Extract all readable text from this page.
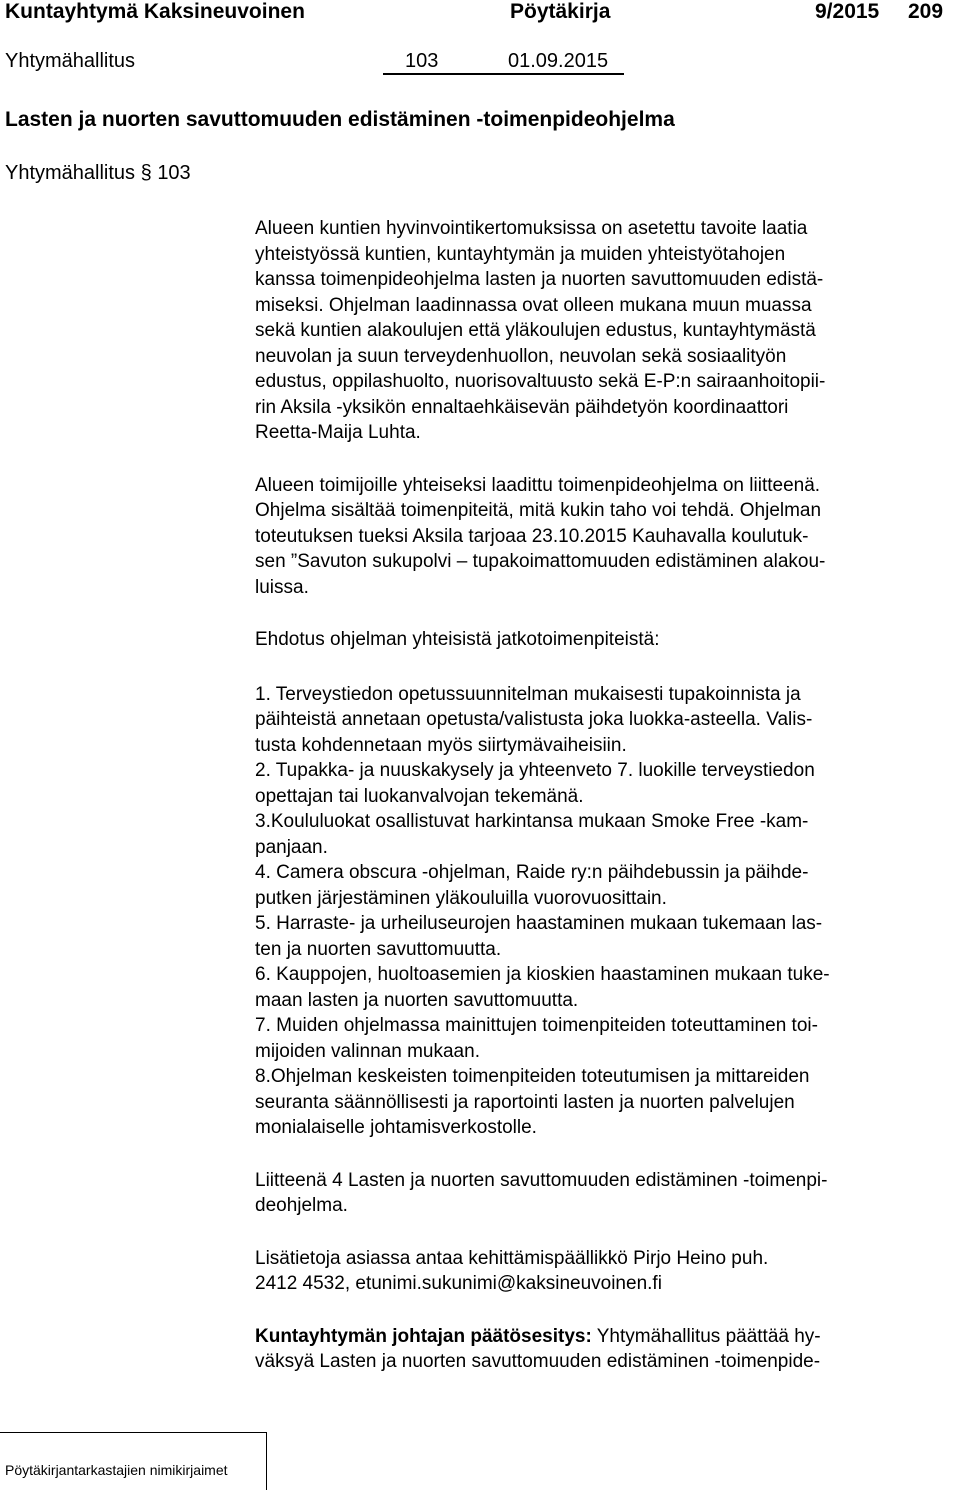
Kuntayhtymä Kaksineuvoinen	Pöytäkirja	9/2015 209
Yhtymähallitus	103	01.09.2015
Lasten ja nuorten savuttomuuden edistäminen -toimenpideohjelma
Yhtymähallitus § 103
Alueen kuntien hyvinvointikertomuksissa on asetettu tavoite laatia
yhteistyössä kuntien, kuntayhtymän ja muiden yhteistyötahojen
kanssa toimenpideohjelma lasten ja nuorten savuttomuuden edistä-
miseksi. Ohjelman laadinnassa ovat olleen mukana muun muassa
sekä kuntien alakoulujen että yläkoulujen edustus, kuntayhtymästä
neuvolan ja suun terveydenhuollon, neuvolan sekä sosiaalityön
edustus, oppilashuolto, nuorisovaltuusto sekä E-P:n sairaanhoitopii-
rin Aksila -yksikön ennaltaehkäisevän päihdetyön koordinaattori
Reetta-Maija Luhta.
Alueen toimijoille yhteiseksi laadittu toimenpideohjelma on liitteenä.
Ohjelma sisältää toimenpiteitä, mitä kukin taho voi tehdä. Ohjelman
toteutuksen tueksi Aksila tarjoaa 23.10.2015 Kauhavalla koulutuk-
sen ”Savuton sukupolvi – tupakoimattomuuden edistäminen alakou-
luissa.
Ehdotus ohjelman yhteisistä jatkotoimenpiteistä:
1. Terveystiedon opetussuunnitelman mukaisesti tupakoinnista ja
päihteistä annetaan opetusta/valistusta joka luokka-asteella. Valis-
tusta kohdennetaan myös siirtymävaiheisiin.
2. Tupakka- ja nuuskakysely ja yhteenveto 7. luokille terveystiedon
opettajan tai luokanvalvojan tekemänä.
3.Koululuokat osallistuvat harkintansa mukaan Smoke Free -kam-
panjaan.
4. Camera obscura -ohjelman, Raide ry:n päihdebussin ja päihde-
putken järjestäminen yläkouluilla vuorovuosittain.
5. Harraste- ja urheiluseurojen haastaminen mukaan tukemaan las-
ten ja nuorten savuttomuutta.
6. Kauppojen, huoltoasemien ja kioskien haastaminen mukaan tuke-
maan lasten ja nuorten savuttomuutta.
7. Muiden ohjelmassa mainittujen toimenpiteiden toteuttaminen toi-
mijoiden valinnan mukaan.
8.Ohjelman keskeisten toimenpiteiden toteutumisen ja mittareiden
seuranta säännöllisesti ja raportointi lasten ja nuorten palvelujen
monialaiselle johtamisverkostolle.
Liitteenä 4 Lasten ja nuorten savuttomuuden edistäminen -toimenpi-
deohjelma.
Lisätietoja asiassa antaa kehittämispäällikkö Pirjo Heino puh.
2412 4532, etunimi.sukunimi@kaksineuvoinen.fi
Kuntayhtymän johtajan päätösesitys: Yhtymähallitus päättää hy-
väksyä Lasten ja nuorten savuttomuuden edistäminen -toimenpide-
Pöytäkirjantarkastajien nimikirjaimet
